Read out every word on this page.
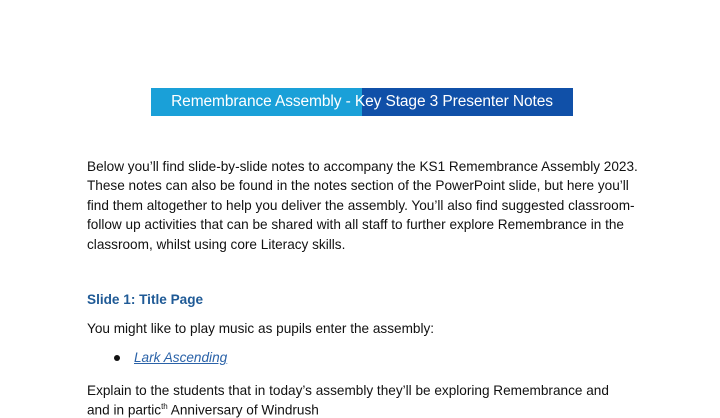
Remembrance Assembly - Key Stage 3 Presenter Notes
Below you’ll find slide-by-slide notes to accompany the KS1 Remembrance Assembly 2023.
These notes can also be found in the notes section of the PowerPoint slide, but here you’ll
find them altogether to help you deliver the assembly. You’ll also find suggested classroom-
follow up activities that can be shared with all staff to further explore Remembrance in the
classroom, whilst using core Literacy skills.
Slide 1: Title Page
You might like to play music as pupils enter the assembly:
Lark Ascending
Explain to the students that in today’s assembly they’ll be exploring Remembrance and
and in partic$^{th}$ Anniversary of Windrush
